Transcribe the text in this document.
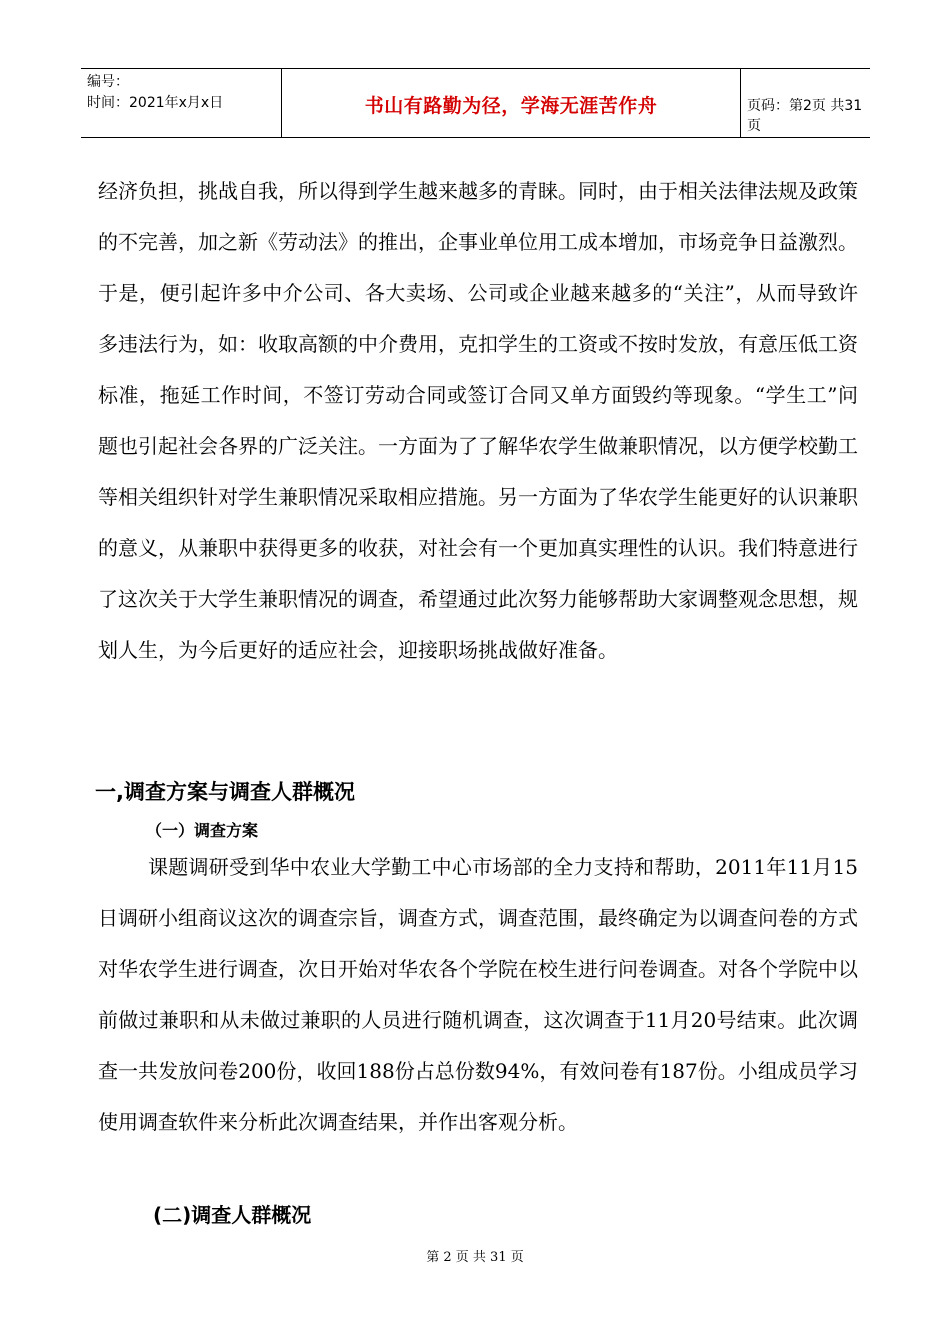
编号：
时间：2021年x月x日	书山有路勤为径，学海无涯苦作舟	页码：第2页 共31页

经济负担，挑战自我，所以得到学生越来越多的青睐。同时，由于相关法律法规及政策的不完善，加之新《劳动法》的推出，企事业单位用工成本增加，市场竞争日益激烈。于是，便引起许多中介公司、各大卖场、公司或企业越来越多的“关注”，从而导致许多违法行为，如：收取高额的中介费用，克扣学生的工资或不按时发放，有意压低工资标准，拖延工作时间，不签订劳动合同或签订合同又单方面毁约等现象。“学生工”问题也引起社会各界的广泛关注。一方面为了了解华农学生做兼职情况，以方便学校勤工等相关组织针对学生兼职情况采取相应措施。另一方面为了华农学生能更好的认识兼职的意义，从兼职中获得更多的收获，对社会有一个更加真实理性的认识。我们特意进行了这次关于大学生兼职情况的调查，希望通过此次努力能够帮助大家调整观念思想，规划人生，为今后更好的适应社会，迎接职场挑战做好准备。

一,调查方案与调查人群概况
（一）调查方案

课题调研受到华中农业大学勤工中心市场部的全力支持和帮助，2011年11月15日调研小组商议这次的调查宗旨，调查方式，调查范围，最终确定为以调查问卷的方式对华农学生进行调查，次日开始对华农各个学院在校生进行问卷调查。对各个学院中以前做过兼职和从未做过兼职的人员进行随机调查，这次调查于11月20号结束。此次调查一共发放问卷200份，收回188份占总份数94%，有效问卷有187份。小组成员学习使用调查软件来分析此次调查结果，并作出客观分析。

(二)调查人群概况
第 2 页 共 31 页
